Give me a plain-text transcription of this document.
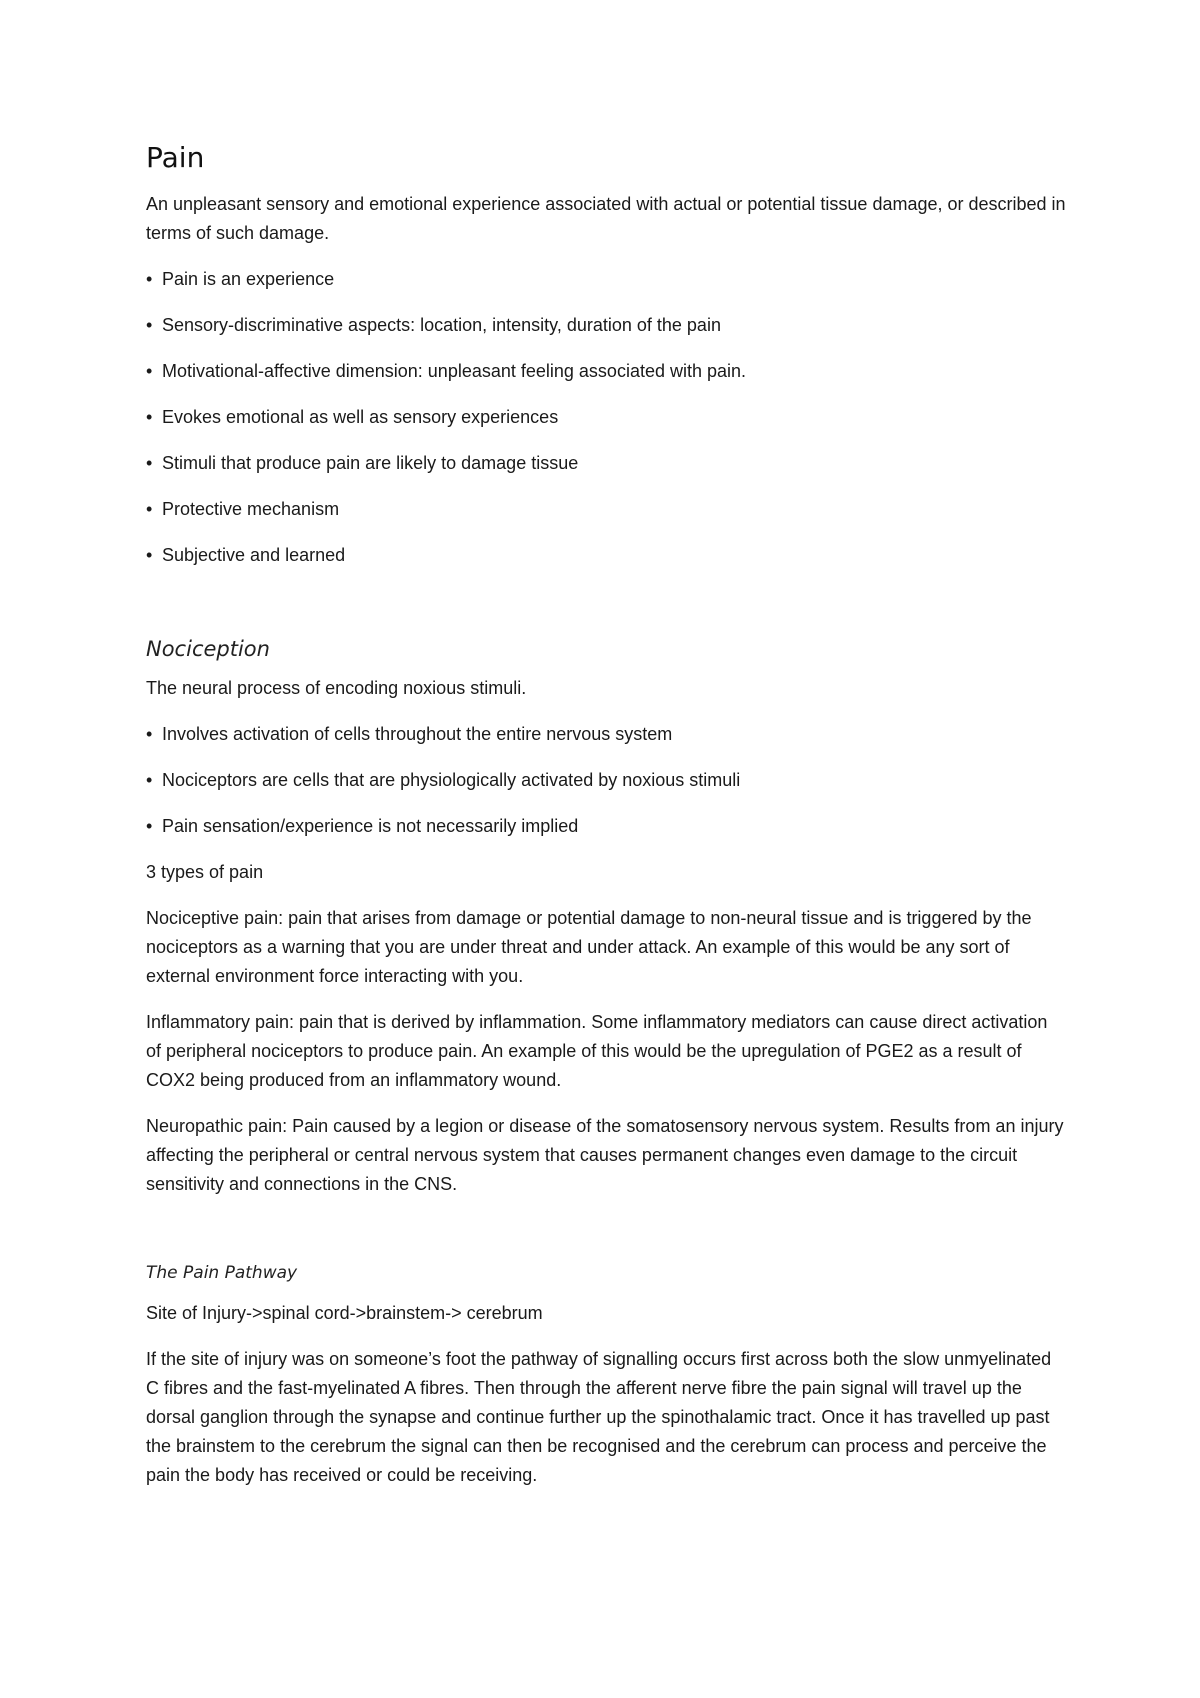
Pain

An unpleasant sensory and emotional experience associated with actual or potential tissue damage, or described in terms of such damage.

• Pain is an experience
• Sensory-discriminative aspects: location, intensity, duration of the pain
• Motivational-affective dimension: unpleasant feeling associated with pain.
• Evokes emotional as well as sensory experiences
• Stimuli that produce pain are likely to damage tissue
• Protective mechanism
• Subjective and learned
Nociception

The neural process of encoding noxious stimuli.

• Involves activation of cells throughout the entire nervous system
• Nociceptors are cells that are physiologically activated by noxious stimuli
• Pain sensation/experience is not necessarily implied

3 types of pain

Nociceptive pain: pain that arises from damage or potential damage to non-neural tissue and is triggered by the nociceptors as a warning that you are under threat and under attack. An example of this would be any sort of external environment force interacting with you.

Inflammatory pain: pain that is derived by inflammation. Some inflammatory mediators can cause direct activation of peripheral nociceptors to produce pain. An example of this would be the upregulation of PGE2 as a result of COX2 being produced from an inflammatory wound.

Neuropathic pain: Pain caused by a legion or disease of the somatosensory nervous system. Results from an injury affecting the peripheral or central nervous system that causes permanent changes even damage to the circuit sensitivity and connections in the CNS.

The Pain Pathway

Site of Injury->spinal cord->brainstem-> cerebrum

If the site of injury was on someone’s foot the pathway of signalling occurs first across both the slow unmyelinated C fibres and the fast-myelinated A fibres. Then through the afferent nerve fibre the pain signal will travel up the dorsal ganglion through the synapse and continue further up the spinothalamic tract. Once it has travelled up past the brainstem to the cerebrum the signal can then be recognised and the cerebrum can process and perceive the pain the body has received or could be receiving.
